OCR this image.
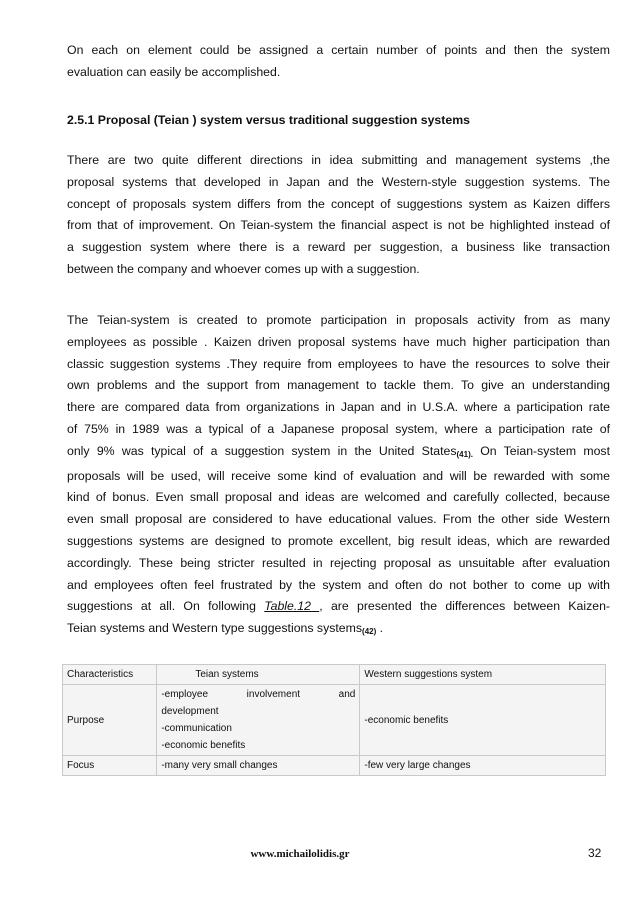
On each on element could be assigned a certain number of points and then the system
evaluation can easily be accomplished.

2.5.1 Proposal (Teian ) system versus traditional suggestion systems

There are two quite different directions in idea submitting and management systems ,the
proposal systems that developed in Japan and the Western-style suggestion systems. The
concept of proposals system differs from the concept of suggestions system as Kaizen differs
from that of improvement. On Teian-system the financial aspect is not be highlighted instead of
a suggestion system where there is a reward per suggestion, a business like transaction
between the company and whoever comes up with a suggestion.

The Teian-system is created to promote participation in proposals activity from as many
employees as possible . Kaizen driven proposal systems have much higher participation than
classic suggestion systems .They require from employees to have the resources to solve their
own problems and the support from management to tackle them. To give an understanding
there are compared data from organizations in Japan and in U.S.A. where a participation rate
of 75% in 1989 was a typical of a Japanese proposal system, where a participation rate of
only 9% was typical of a suggestion system in the United States$_{(41).}$ On Teian-system most
proposals will be used, will receive some kind of evaluation and will be rewarded with some
kind of bonus. Even small proposal and ideas are welcomed and carefully collected, because
even small proposal are considered to have educational values. From the other side Western
suggestions systems are designed to promote excellent, big result ideas, which are rewarded
accordingly. These being stricter resulted in rejecting proposal as unsuitable after evaluation
and employees often feel frustrated by the system and often do not bother to come up with
suggestions at all. On following Table.12 , are presented the differences between Kaizen-
Teian systems and Western type suggestions systems$_{(42)}$ .

Characteristics	Teian systems	Western suggestions system
Purpose	-employee involvement and
development
-communication
-economic benefits	-economic benefits
Focus	-many very small changes	-few very large changes
www.michailolidis.gr	32
